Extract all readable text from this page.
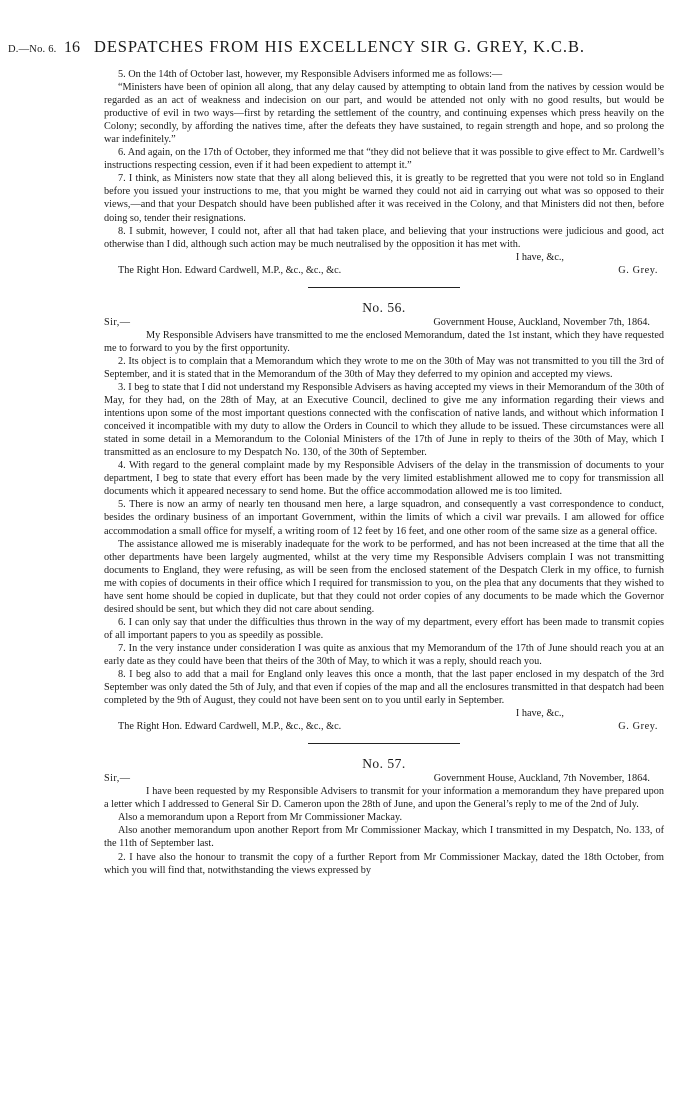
D.—No. 6. 16 DESPATCHES FROM HIS EXCELLENCY SIR G. GREY, K.C.B.

5. On the 14th of October last, however, my Responsible Advisers informed me as follows:—

“Ministers have been of opinion all along, that any delay caused by attempting to obtain land from the natives by cession would be regarded as an act of weakness and indecision on our part, and would be attended not only with no good results, but would be productive of evil in two ways—first by retarding the settlement of the country, and continuing expenses which press heavily on the Colony; secondly, by affording the natives time, after the defeats they have sustained, to regain strength and hope, and so prolong the war indefinitely.”

6. And again, on the 17th of October, they informed me that “they did not believe that it was possible to give effect to Mr. Cardwell’s instructions respecting cession, even if it had been expedient to attempt it.”

7. I think, as Ministers now state that they all along believed this, it is greatly to be regretted that you were not told so in England before you issued your instructions to me, that you might be warned they could not aid in carrying out what was so opposed to their views,—and that your Despatch should have been published after it was received in the Colony, and that Ministers did not then, before doing so, tender their resignations.

8. I submit, however, I could not, after all that had taken place, and believing that your instructions were judicious and good, act otherwise than I did, although such action may be much neutralised by the opposition it has met with.

I have, &c.,

The Right Hon. Edward Cardwell, M.P., &c., &c., &c.	G. Grey.

No. 56.
Sir,—	Government House, Auckland, November 7th, 1864.

My Responsible Advisers have transmitted to me the enclosed Memorandum, dated the 1st instant, which they have requested me to forward to you by the first opportunity.

2. Its object is to complain that a Memorandum which they wrote to me on the 30th of May was not transmitted to you till the 3rd of September, and it is stated that in the Memorandum of the 30th of May they deferred to my opinion and accepted my views.

3. I beg to state that I did not understand my Responsible Advisers as having accepted my views in their Memorandum of the 30th of May, for they had, on the 28th of May, at an Executive Council, declined to give me any information regarding their views and intentions upon some of the most important questions connected with the confiscation of native lands, and without which information I conceived it incompatible with my duty to allow the Orders in Council to which they allude to be issued. These circumstances were all stated in some detail in a Memorandum to the Colonial Ministers of the 17th of June in reply to theirs of the 30th of May, which I transmitted as an enclosure to my Despatch No. 130, of the 30th of September.

4. With regard to the general complaint made by my Responsible Advisers of the delay in the transmission of documents to your department, I beg to state that every effort has been made by the very limited establishment allowed me to copy for transmission all documents which it appeared necessary to send home. But the office accommodation allowed me is too limited.

5. There is now an army of nearly ten thousand men here, a large squadron, and consequently a vast correspondence to conduct, besides the ordinary business of an important Government, within the limits of which a civil war prevails. I am allowed for office accommodation a small office for myself, a writing room of 12 feet by 16 feet, and one other room of the same size as a general office.

The assistance allowed me is miserably inadequate for the work to be performed, and has not been increased at the time that all the other departments have been largely augmented, whilst at the very time my Responsible Advisers complain I was not transmitting documents to England, they were refusing, as will be seen from the enclosed statement of the Despatch Clerk in my office, to furnish me with copies of documents in their office which I required for transmission to you, on the plea that any documents that they wished to have sent home should be copied in duplicate, but that they could not order copies of any documents to be made which the Governor desired should be sent, but which they did not care about sending.

6. I can only say that under the difficulties thus thrown in the way of my department, every effort has been made to transmit copies of all important papers to you as speedily as possible.

7. In the very instance under consideration I was quite as anxious that my Memorandum of the 17th of June should reach you at an early date as they could have been that theirs of the 30th of May, to which it was a reply, should reach you.

8. I beg also to add that a mail for England only leaves this once a month, that the last paper enclosed in my despatch of the 3rd September was only dated the 5th of July, and that even if copies of the map and all the enclosures transmitted in that despatch had been completed by the 9th of August, they could not have been sent on to you until early in September.

I have, &c.,

The Right Hon. Edward Cardwell, M.P., &c., &c., &c.	G. Grey.

No. 57.
Sir,—	Government House, Auckland, 7th November, 1864.

I have been requested by my Responsible Advisers to transmit for your information a memorandum they have prepared upon a letter which I addressed to General Sir D. Cameron upon the 28th of June, and upon the General’s reply to me of the 2nd of July.

Also a memorandum upon a Report from Mr Commissioner Mackay.

Also another memorandum upon another Report from Mr Commissioner Mackay, which I transmitted in my Despatch, No. 133, of the 11th of September last.

2. I have also the honour to transmit the copy of a further Report from Mr Commissioner Mackay, dated the 18th October, from which you will find that, notwithstanding the views expressed by
